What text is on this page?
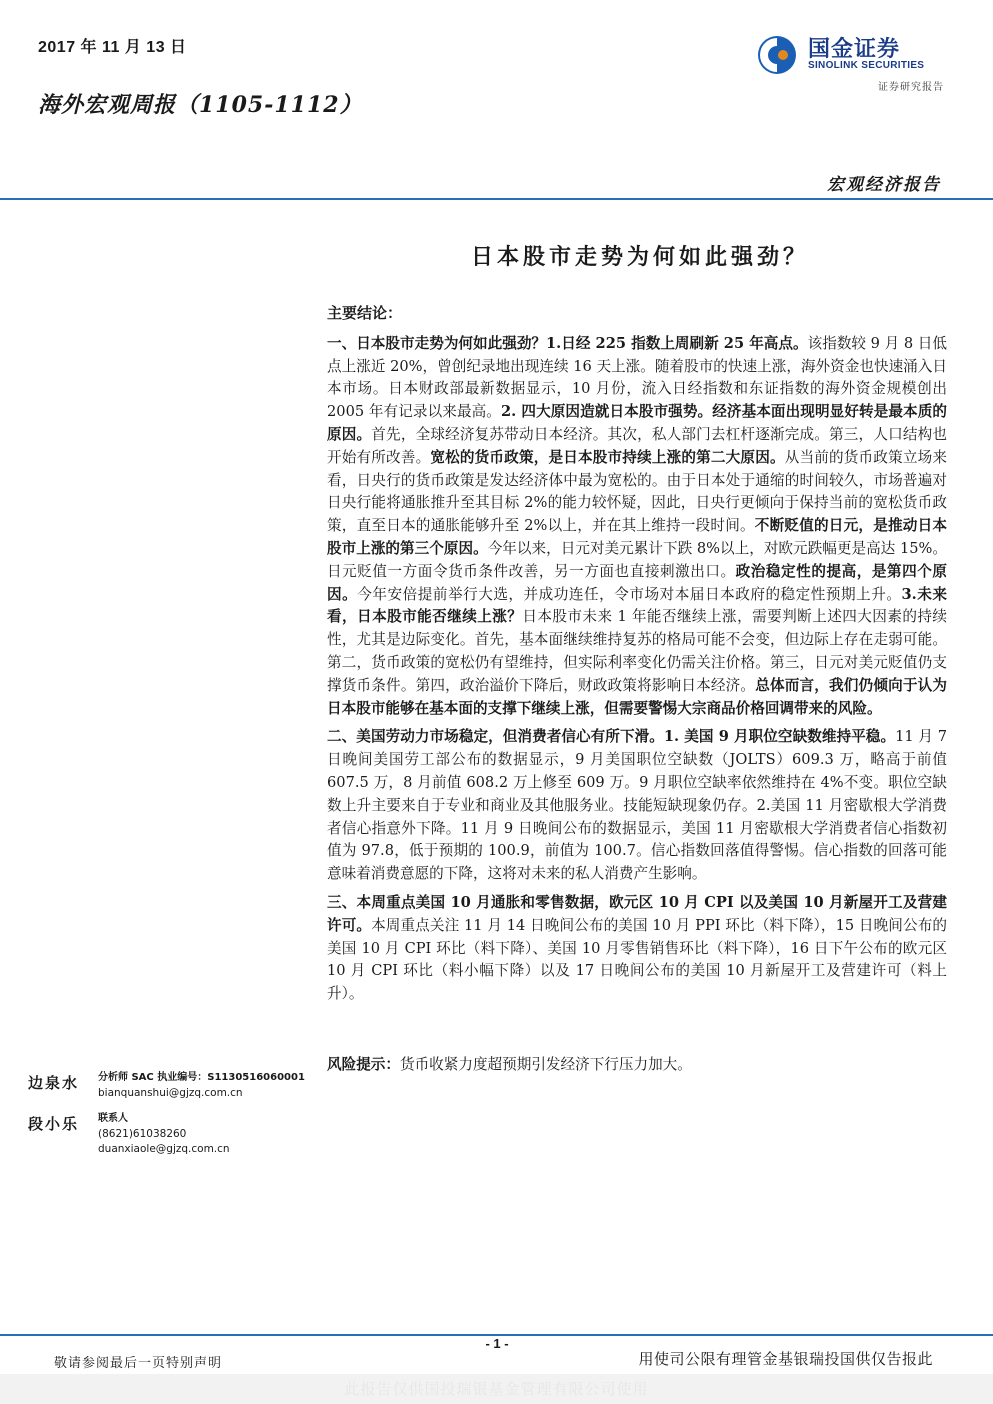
2017 年 11 月 13 日
海外宏观周报（1105-1112）
国金证券
SINOLINK SECURITIES
证券研究报告
宏观经济报告
日本股市走势为何如此强劲？

主要结论：

一、日本股市走势为何如此强劲？1.日经 225 指数上周刷新 25 年高点。该指数较 9 月 8 日低点上涨近 20%，曾创纪录地出现连续 16 天上涨。随着股市的快速上涨，海外资金也快速涌入日本市场。日本财政部最新数据显示，10 月份，流入日经指数和东证指数的海外资金规模创出 2005 年有记录以来最高。2. 四大原因造就日本股市强势。经济基本面出现明显好转是最本质的原因。首先，全球经济复苏带动日本经济。其次，私人部门去杠杆逐渐完成。第三，人口结构也开始有所改善。宽松的货币政策，是日本股市持续上涨的第二大原因。从当前的货币政策立场来看，日央行的货币政策是发达经济体中最为宽松的。由于日本处于通缩的时间较久，市场普遍对日央行能将通胀推升至其目标 2%的能力较怀疑，因此，日央行更倾向于保持当前的宽松货币政策，直至日本的通胀能够升至 2%以上，并在其上维持一段时间。不断贬值的日元，是推动日本股市上涨的第三个原因。今年以来，日元对美元累计下跌 8%以上，对欧元跌幅更是高达 15%。日元贬值一方面令货币条件改善，另一方面也直接刺激出口。政治稳定性的提高，是第四个原因。今年安倍提前举行大选，并成功连任，令市场对本届日本政府的稳定性预期上升。3.未来看，日本股市能否继续上涨？日本股市未来 1 年能否继续上涨，需要判断上述四大因素的持续性，尤其是边际变化。首先，基本面继续维持复苏的格局可能不会变，但边际上存在走弱可能。第二，货币政策的宽松仍有望维持，但实际利率变化仍需关注价格。第三，日元对美元贬值仍支撑货币条件。第四，政治溢价下降后，财政政策将影响日本经济。总体而言，我们仍倾向于认为日本股市能够在基本面的支撑下继续上涨，但需要警惕大宗商品价格回调带来的风险。

二、美国劳动力市场稳定，但消费者信心有所下滑。1. 美国 9 月职位空缺数维持平稳。11 月 7 日晚间美国劳工部公布的数据显示，9 月美国职位空缺数（JOLTS）609.3 万，略高于前值 607.5 万，8 月前值 608.2 万上修至 609 万。9 月职位空缺率依然维持在 4%不变。职位空缺数上升主要来自于专业和商业及其他服务业。技能短缺现象仍存。2.美国 11 月密歇根大学消费者信心指意外下降。11 月 9 日晚间公布的数据显示，美国 11 月密歇根大学消费者信心指数初值为 97.8，低于预期的 100.9，前值为 100.7。信心指数回落值得警惕。信心指数的回落可能意味着消费意愿的下降，这将对未来的私人消费产生影响。

三、本周重点美国 10 月通胀和零售数据，欧元区 10 月 CPI 以及美国 10 月新屋开工及营建许可。本周重点关注 11 月 14 日晚间公布的美国 10 月 PPI 环比（料下降），15 日晚间公布的美国 10 月 CPI 环比（料下降）、美国 10 月零售销售环比（料下降），16 日下午公布的欧元区 10 月 CPI 环比（料小幅下降）以及 17 日晚间公布的美国 10 月新屋开工及营建许可（料上升）。

风险提示：货币收紧力度超预期引发经济下行压力加大。

边泉水	分析师 SAC 执业编号：S1130516060001
bianquanshui@gjzq.com.cn
段小乐	联系人
(8621)61038260
duanxiaole@gjzq.com.cn
- 1 -
敬请参阅最后一页特别声明	用使司公限有理管金基银瑞投国供仅告报此
此报告仅供国投瑞银基金管理有限公司使用
